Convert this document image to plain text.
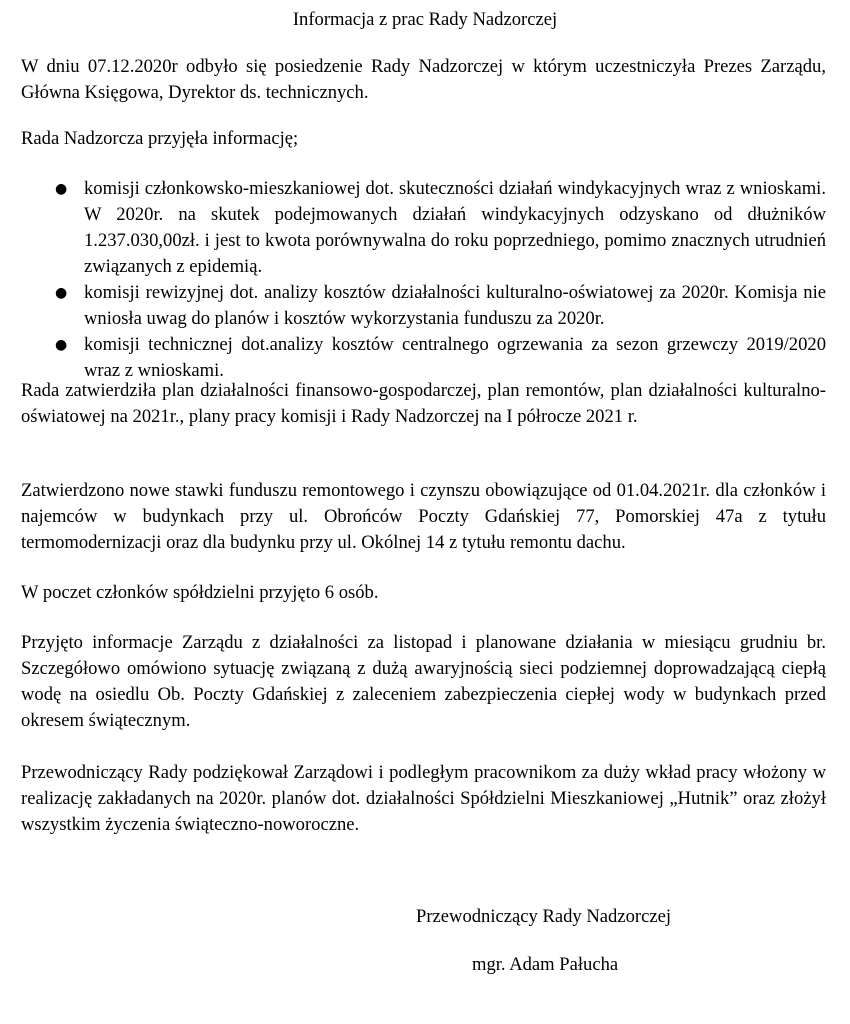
Informacja z prac Rady Nadzorczej

W dniu 07.12.2020r odbyło się posiedzenie Rady Nadzorczej w którym uczestniczyła Prezes Zarządu, Główna Księgowa, Dyrektor ds. technicznych.

Rada Nadzorcza przyjęła informację;

● komisji członkowsko-mieszkaniowej dot. skuteczności działań windykacyjnych wraz z wnioskami. W 2020r. na skutek podejmowanych działań windykacyjnych odzyskano od dłużników 1.237.030,00zł. i jest to kwota porównywalna do roku poprzedniego, pomimo znacznych utrudnień związanych z epidemią.
● komisji rewizyjnej dot. analizy kosztów działalności kulturalno-oświatowej za 2020r. Komisja nie wniosła uwag do planów i kosztów wykorzystania funduszu za 2020r.
● komisji technicznej dot.analizy kosztów centralnego ogrzewania za sezon grzewczy 2019/2020 wraz z wnioskami.

Rada zatwierdziła plan działalności finansowo-gospodarczej, plan remontów, plan działalności kulturalno-oświatowej na 2021r., plany pracy komisji i Rady Nadzorczej na I półrocze 2021 r.

Zatwierdzono nowe stawki funduszu remontowego i czynszu obowiązujące od 01.04.2021r. dla członków i najemców w budynkach przy ul. Obrońców Poczty Gdańskiej 77, Pomorskiej 47a z tytułu termomodernizacji oraz dla budynku przy ul. Okólnej 14 z tytułu remontu dachu.

W poczet członków spółdzielni przyjęto 6 osób.

Przyjęto informacje Zarządu z działalności za listopad i planowane działania w miesiącu grudniu br. Szczegółowo omówiono sytuację związaną z dużą awaryjnością sieci podziemnej doprowadzającą ciepłą wodę na osiedlu Ob. Poczty Gdańskiej z zaleceniem zabezpieczenia ciepłej wody w budynkach przed okresem świątecznym.

Przewodniczący Rady podziękował Zarządowi i podległym pracownikom za duży wkład pracy włożony w realizację zakładanych na 2020r. planów dot. działalności Spółdzielni Mieszkaniowej „Hutnik” oraz złożył wszystkim życzenia świąteczno-noworoczne.

Przewodniczący Rady Nadzorczej

mgr. Adam Pałucha
